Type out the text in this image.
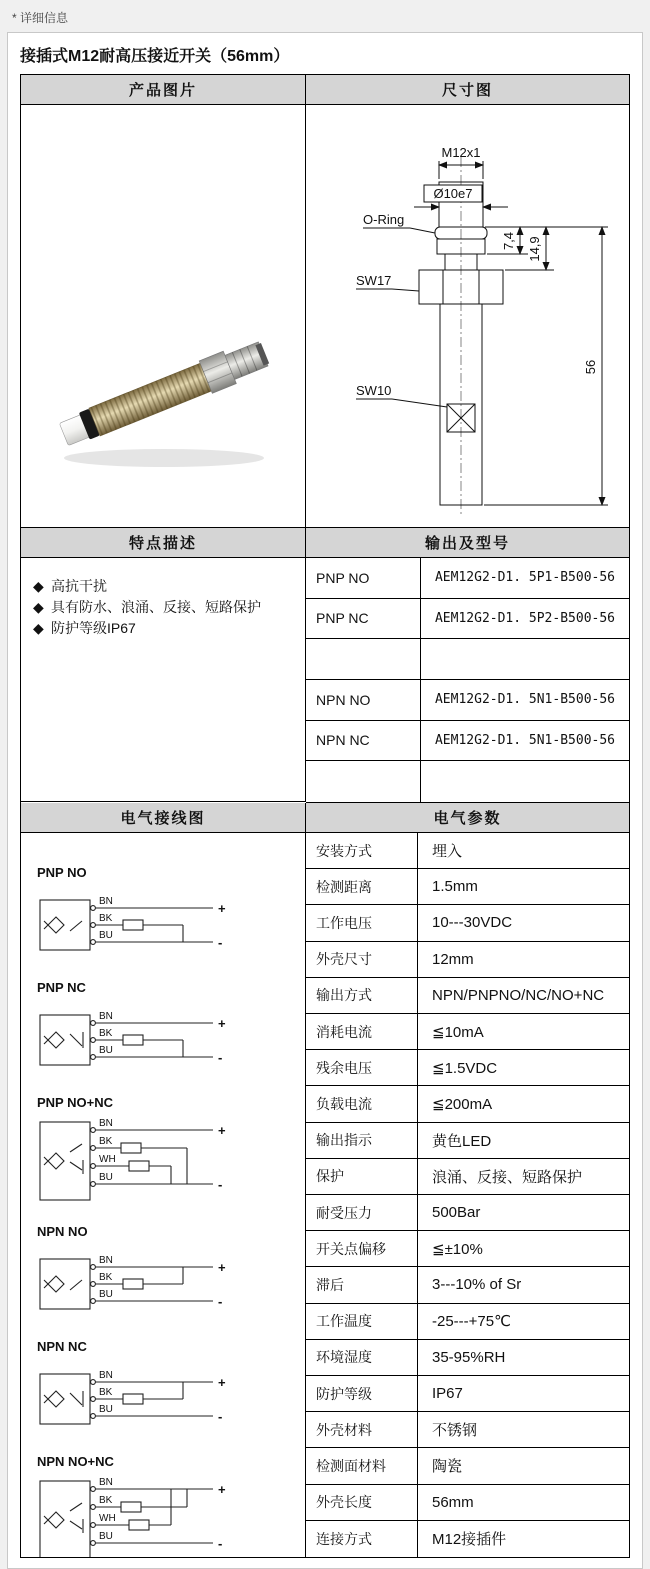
* 详细信息
接插式M12耐高压接近开关（56mm）
产品图片	尺寸图
M12x1
Ø10e7
O-Ring
SW17
SW10
7,4 14,9
56
特点描述	输出及型号
◆ 高抗干扰
◆ 具有防水、浪涌、反接、短路保护
◆ 防护等级IP67
PNP NO	AEM12G2-D1. 5P1-B500-56
PNP NC	AEM12G2-D1. 5P2-B500-56
NPN NO	AEM12G2-D1. 5N1-B500-56
NPN NC	AEM12G2-D1. 5N1-B500-56
电气接线图	电气参数
PNP NO
BN
BK
BU
+
-
PNP NC
BN
BK
BU
+
-
PNP NO+NC
BN
BK
WH
BU
+
-
NPN NO
BN
BK
BU
+
-
NPN NC
BN
BK
BU
+
-
NPN NO+NC
BN
BK
WH
BU
+
-
安装方式	埋入
检测距离	1.5mm
工作电压	10---30VDC
外壳尺寸	12mm
输出方式	NPN/PNPNO/NC/NO+NC
消耗电流	≦10mA
残余电压	≦1.5VDC
负载电流	≦200mA
输出指示	黄色LED
保护	浪涌、反接、短路保护
耐受压力	500Bar
开关点偏移	≦±10%
滞后	3---10% of Sr
工作温度	-25---+75℃
环境湿度	35-95%RH
防护等级	IP67
外壳材料	不锈钢
检测面材料	陶瓷
外壳长度	56mm
连接方式	M12接插件
